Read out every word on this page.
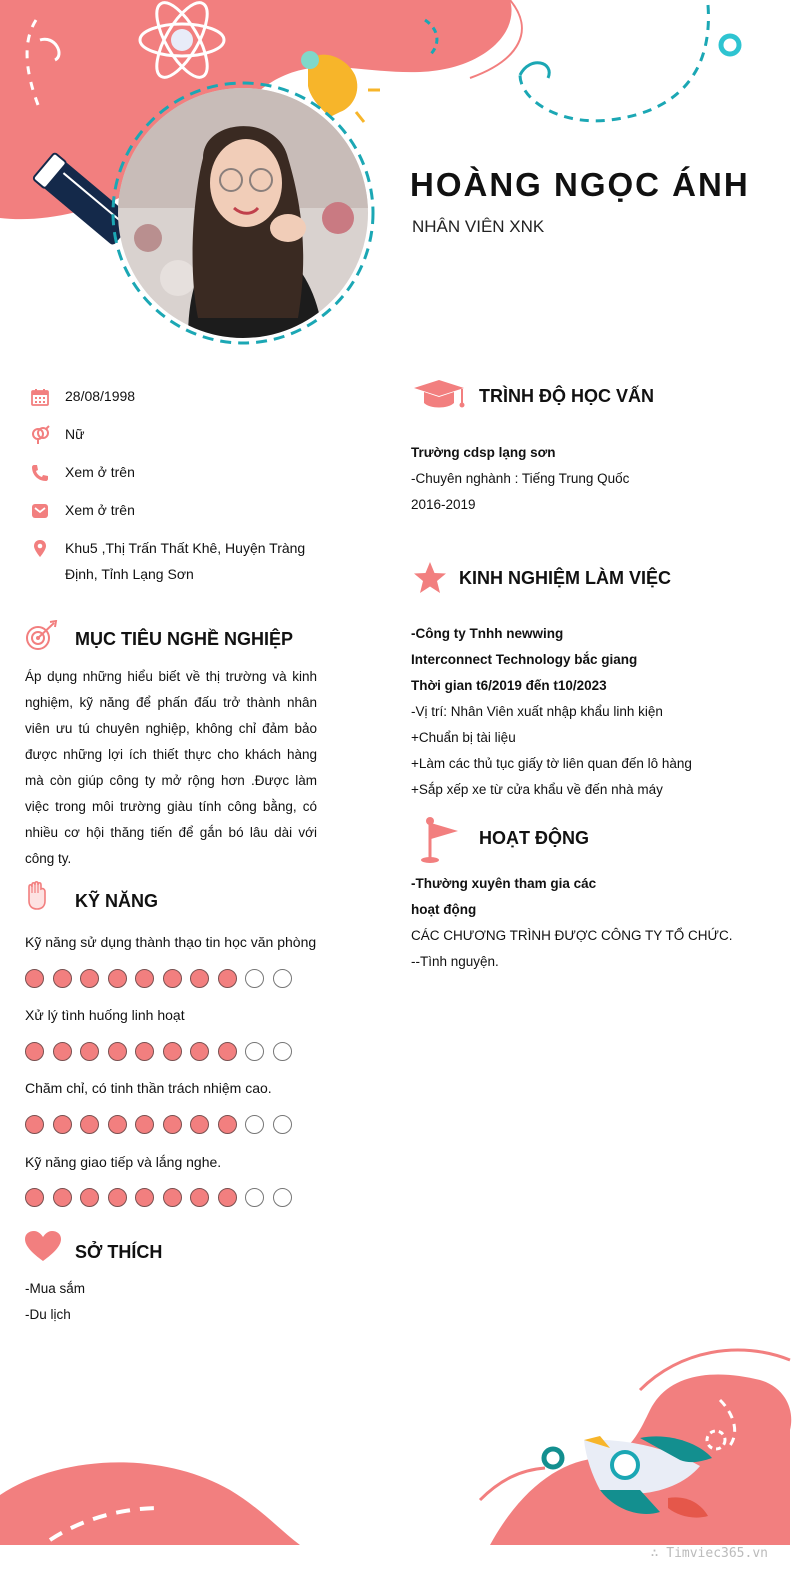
HOÀNG NGỌC ÁNH
NHÂN VIÊN XNK
28/08/1998
Nữ
Xem ở trên
Xem ở trên
Khu5 ,Thị Trấn Thất Khê, Huyện Tràng
Định, Tỉnh Lạng Sơn
MỤC TIÊU NGHỀ NGHIỆP
Áp dụng những hiểu biết về thị trường và kinh
nghiệm, kỹ năng để phấn đấu trở thành nhân
viên ưu tú chuyên nghiệp, không chỉ đảm bảo
được những lợi ích thiết thực cho khách hàng
mà còn giúp công ty mở rộng hơn .Được làm
việc trong môi trường giàu tính công bằng, có
nhiều cơ hội thăng tiến để gắn bó lâu dài với
công ty.
KỸ NĂNG
Kỹ năng sử dụng thành thạo tin học văn phòng
Xử lý tình huống linh hoạt
Chăm chỉ, có tinh thần trách nhiệm cao.
Kỹ năng giao tiếp và lắng nghe.
SỞ THÍCH
-Mua sắm
-Du lịch
TRÌNH ĐỘ HỌC VẤN
Trường cdsp lạng sơn
-Chuyên nghành : Tiếng Trung Quốc
2016-2019
KINH NGHIỆM LÀM VIỆC
-Công ty Tnhh newwing
Interconnect Technology bắc giang
Thời gian t6/2019 đến t10/2023
-Vị trí: Nhân Viên xuất nhập khẩu linh kiện
+Chuẩn bị tài liệu
+Làm các thủ tục giấy tờ liên quan đến lô hàng
+Sắp xếp xe từ cửa khẩu về đến nhà máy
HOẠT ĐỘNG
-Thường xuyên tham gia các
hoạt động
CÁC CHƯƠNG TRÌNH ĐƯỢC CÔNG TY TỔ CHỨC.
--Tình nguyện.
∴ Timviec365.vn
